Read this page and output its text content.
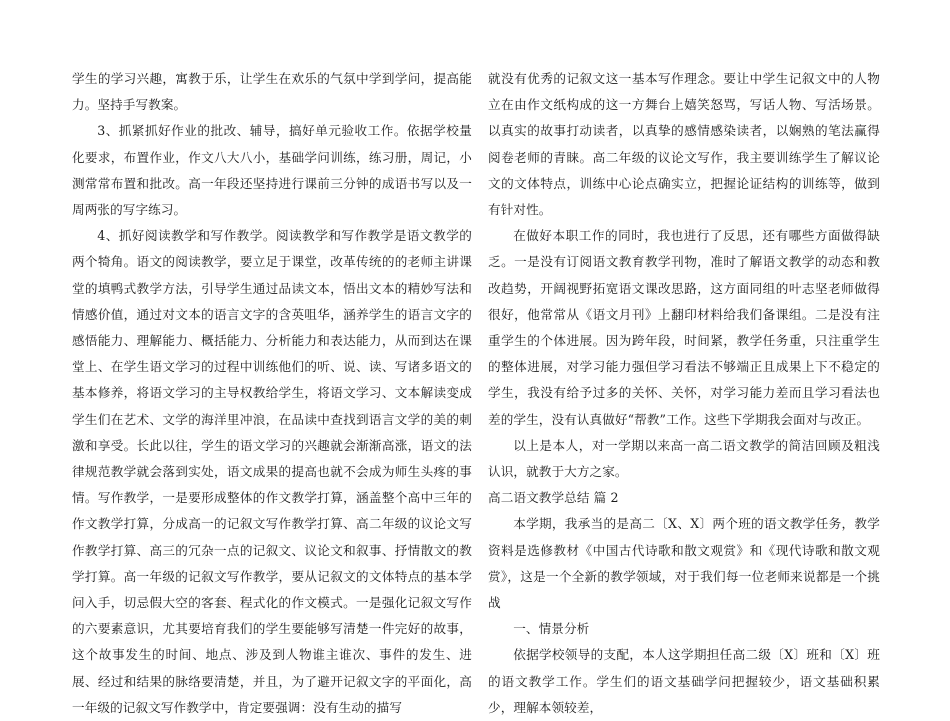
学生的学习兴趣，寓教于乐，让学生在欢乐的气氛中学到学问，提高能力。坚持手写教案。

3、抓紧抓好作业的批改、辅导，搞好单元验收工作。依据学校量化要求，布置作业，作文八大八小，基础学问训练，练习册，周记，小测常常布置和批改。高一年段还坚持进行课前三分钟的成语书写以及一周两张的写字练习。

4、抓好阅读教学和写作教学。阅读教学和写作教学是语文教学的两个犄角。语文的阅读教学，要立足于课堂，改革传统的的老师主讲课堂的填鸭式教学方法，引导学生通过品读文本，悟出文本的精妙写法和情感价值，通过对文本的语言文字的含英咀华，涵养学生的语言文字的感悟能力、理解能力、概括能力、分析能力和表达能力，从而到达在课堂上、在学生语文学习的过程中训练他们的听、说、读、写诸多语文的基本修养，将语文学习的主导权教给学生，将语文学习、文本解读变成学生们在艺术、文学的海洋里冲浪，在品读中查找到语言文学的美的刺激和享受。长此以往，学生的语文学习的兴趣就会渐渐高涨，语文的法律规范教学就会落到实处，语文成果的提高也就不会成为师生头疼的事情。写作教学，一是要形成整体的作文教学打算，涵盖整个高中三年的作文教学打算，分成高一的记叙文写作教学打算、高二年级的议论文写作教学打算、高三的冗杂一点的记叙文、议论文和叙事、抒情散文的教学打算。高一年级的记叙文写作教学，要从记叙文的文体特点的基本学问入手，切忌假大空的客套、程式化的作文模式。一是强化记叙文写作的六要素意识，尤其要培育我们的学生要能够写清楚一件完好的故事，这个故事发生的时间、地点、涉及到人物谁主谁次、事件的发生、进展、经过和结果的脉络要清楚，并且，为了避开记叙文字的平面化，高一年级的记叙文写作教学中，肯定要强调：没有生动的描写

就没有优秀的记叙文这一基本写作理念。要让中学生记叙文中的人物立在由作文纸构成的这一方舞台上嬉笑怒骂，写话人物、写活场景。以真实的故事打动读者，以真挚的感情感染读者，以娴熟的笔法赢得阅卷老师的青睐。高二年级的议论文写作，我主要训练学生了解议论文的文体特点，训练中心论点确实立，把握论证结构的训练等，做到有针对性。

在做好本职工作的同时，我也进行了反思，还有哪些方面做得缺乏。一是没有订阅语文教育教学刊物，准时了解语文教学的动态和教改趋势，开阔视野拓宽语文课改思路，这方面同组的叶志坚老师做得很好，他常常从《语文月刊》上翻印材料给我们备课组。二是没有注重学生的个体进展。因为跨年段，时间紧，教学任务重，只注重学生的整体进展，对学习能力强但学习看法不够端正且成果上下不稳定的学生，我没有给予过多的关怀、关怀，对学习能力差而且学习看法也差的学生，没有认真做好“帮教”工作。这些下学期我会面对与改正。

以上是本人，对一学期以来高一高二语文教学的简洁回顾及粗浅认识，就教于大方之家。

高二语文教学总结 篇 2

本学期，我承当的是高二〔X、X〕两个班的语文教学任务，教学资料是选修教材《中国古代诗歌和散文观赏》和《现代诗歌和散文观赏》，这是一个全新的教学领域，对于我们每一位老师来说都是一个挑战

一、情景分析

依据学校领导的支配，本人这学期担任高二级〔X〕班和〔X〕班的语文教学工作。学生们的语文基础学问把握较少，语文基础积累少，理解本领较差，
